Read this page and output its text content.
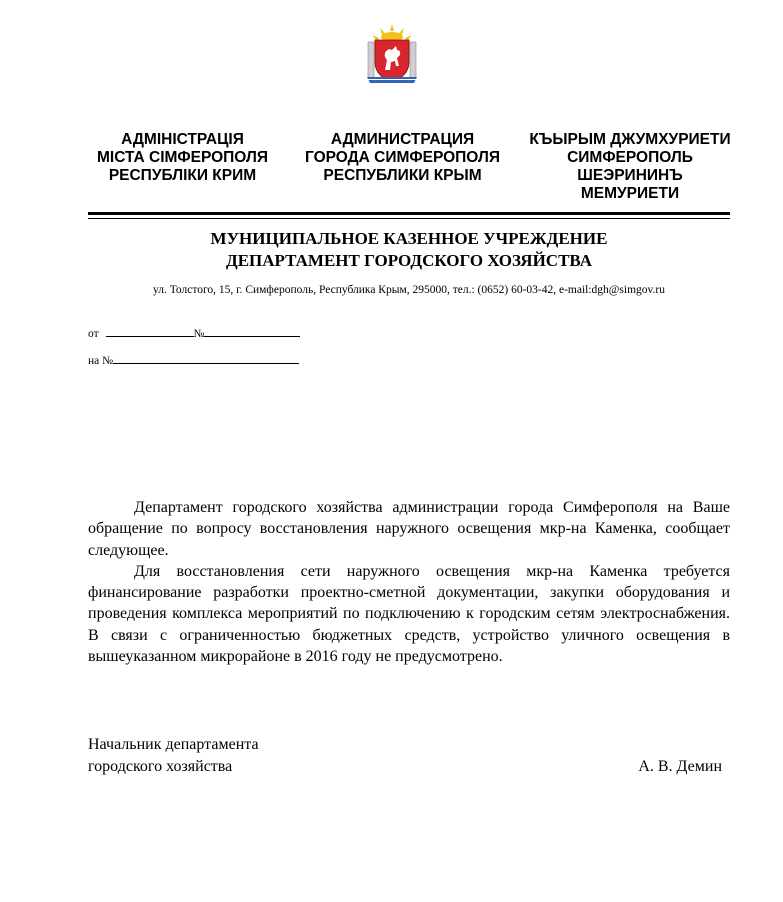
АДМІНІСТРАЦІЯ
МІСТА СІМФЕРОПОЛЯ
РЕСПУБЛІКИ КРИМ
АДМИНИСТРАЦИЯ
ГОРОДА СИМФЕРОПОЛЯ
РЕСПУБЛИКИ КРЫМ
КЪЫРЫМ ДЖУМХУРИЕТИ
СИМФЕРОПОЛЬ
ШЕЭРИНИНЪ
МЕМУРИЕТИ
МУНИЦИПАЛЬНОЕ КАЗЕННОЕ УЧРЕЖДЕНИЕ
ДЕПАРТАМЕНТ ГОРОДСКОГО ХОЗЯЙСТВА
ул. Толстого, 15, г. Симферополь, Республика Крым, 295000, тел.: (0652) 60-03-42, e-mail:dgh@simgov.ru
от	№
на №

Департамент городского хозяйства администрации города Симферополя на Ваше обращение по вопросу восстановления наружного освещения мкр-на Каменка, сообщает следующее.

Для восстановления сети наружного освещения мкр-на Каменка требуется финансирование разработки проектно-сметной документации, закупки оборудования и проведения комплекса мероприятий по подключению к городским сетям электроснабжения. В связи с ограниченностью бюджетных средств, устройство уличного освещения в вышеуказанном микрорайоне в 2016 году не предусмотрено.

Начальник департамента
городского хозяйства	А. В. Демин
